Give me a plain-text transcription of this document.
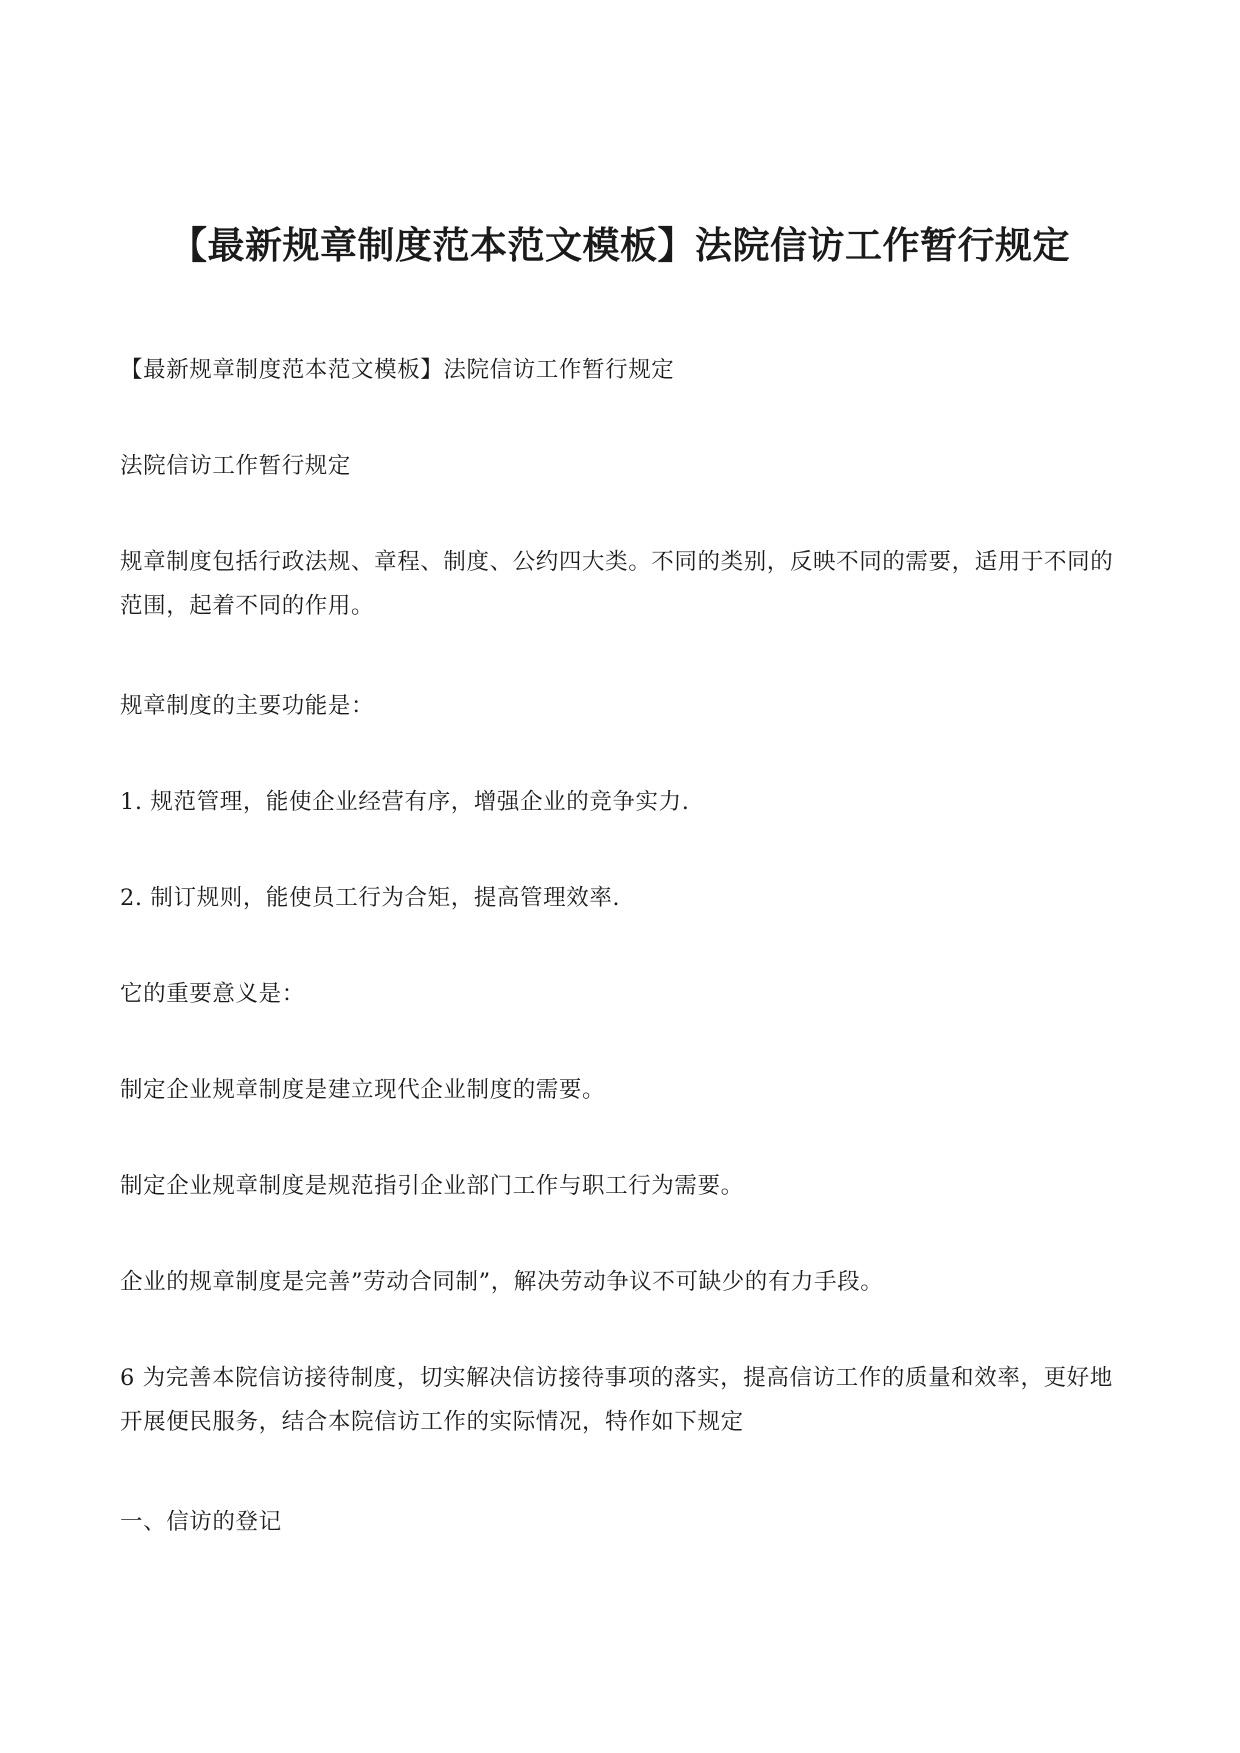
【最新规章制度范本范文模板】法院信访工作暂行规定

【最新规章制度范本范文模板】法院信访工作暂行规定

法院信访工作暂行规定

规章制度包括行政法规、章程、制度、公约四大类。不同的类别，反映不同的需要，适用于不同的范围，起着不同的作用。

规章制度的主要功能是：

1. 规范管理，能使企业经营有序，增强企业的竞争实力.

2. 制订规则，能使员工行为合矩，提高管理效率.

它的重要意义是：

制定企业规章制度是建立现代企业制度的需要。

制定企业规章制度是规范指引企业部门工作与职工行为需要。

企业的规章制度是完善”劳动合同制”，解决劳动争议不可缺少的有力手段。

6 为完善本院信访接待制度，切实解决信访接待事项的落实，提高信访工作的质量和效率，更好地开展便民服务，结合本院信访工作的实际情况，特作如下规定

一、信访的登记
